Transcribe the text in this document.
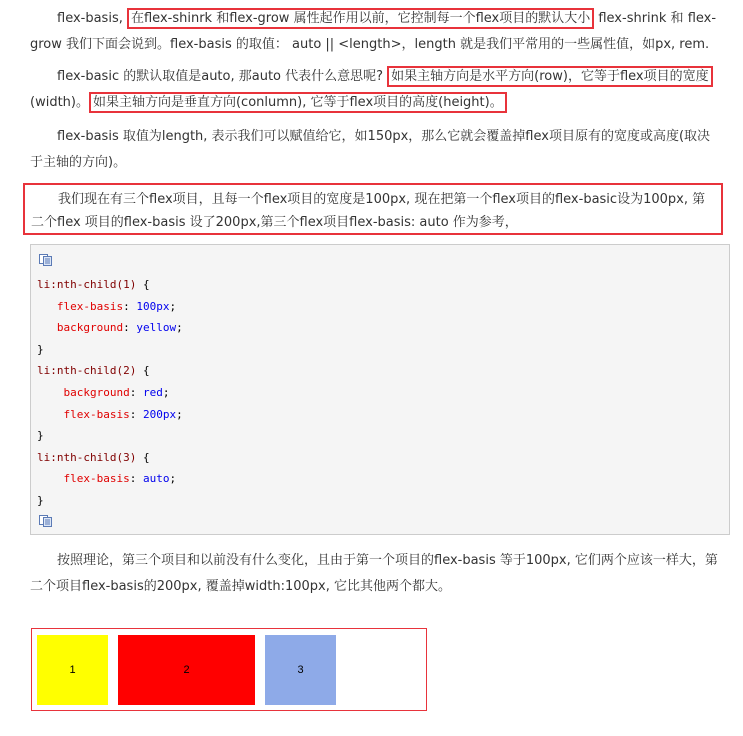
flex-basis, 在flex-shinrk 和flex-grow 属性起作用以前，它控制每一个flex项目的默认大小 flex-shrink 和 flex-grow 我们下面会说到。flex-basis 的取值： auto || <length>，length 就是我们平常用的一些属性值，如px, rem.

flex-basic 的默认取值是auto, 那auto 代表什么意思呢? 如果主轴方向是水平方向(row)，它等于flex项目的宽度(width)。 如果主轴方向是垂直方向(conlumn), 它等于flex项目的高度(height)。

flex-basis 取值为length, 表示我们可以赋值给它，如150px，那么它就会覆盖掉flex项目原有的宽度或高度(取决于主轴的方向)。

我们现在有三个flex项目，且每一个flex项目的宽度是100px, 现在把第一个flex项目的flex-basic设为100px, 第二个flex 项目的flex-basis 设了200px,第三个flex项目flex-basis: auto 作为参考，

li:nth-child(1) {
flex-basis: 100px;
background: yellow;
}
li:nth-child(2) {
background: red;
flex-basis: 200px;
}
li:nth-child(3) {
flex-basis: auto;
}

按照理论，第三个项目和以前没有什么变化，且由于第一个项目的flex-basis 等于100px, 它们两个应该一样大，第二个项目flex-basis的200px, 覆盖掉width:100px, 它比其他两个都大。

1	2	3
